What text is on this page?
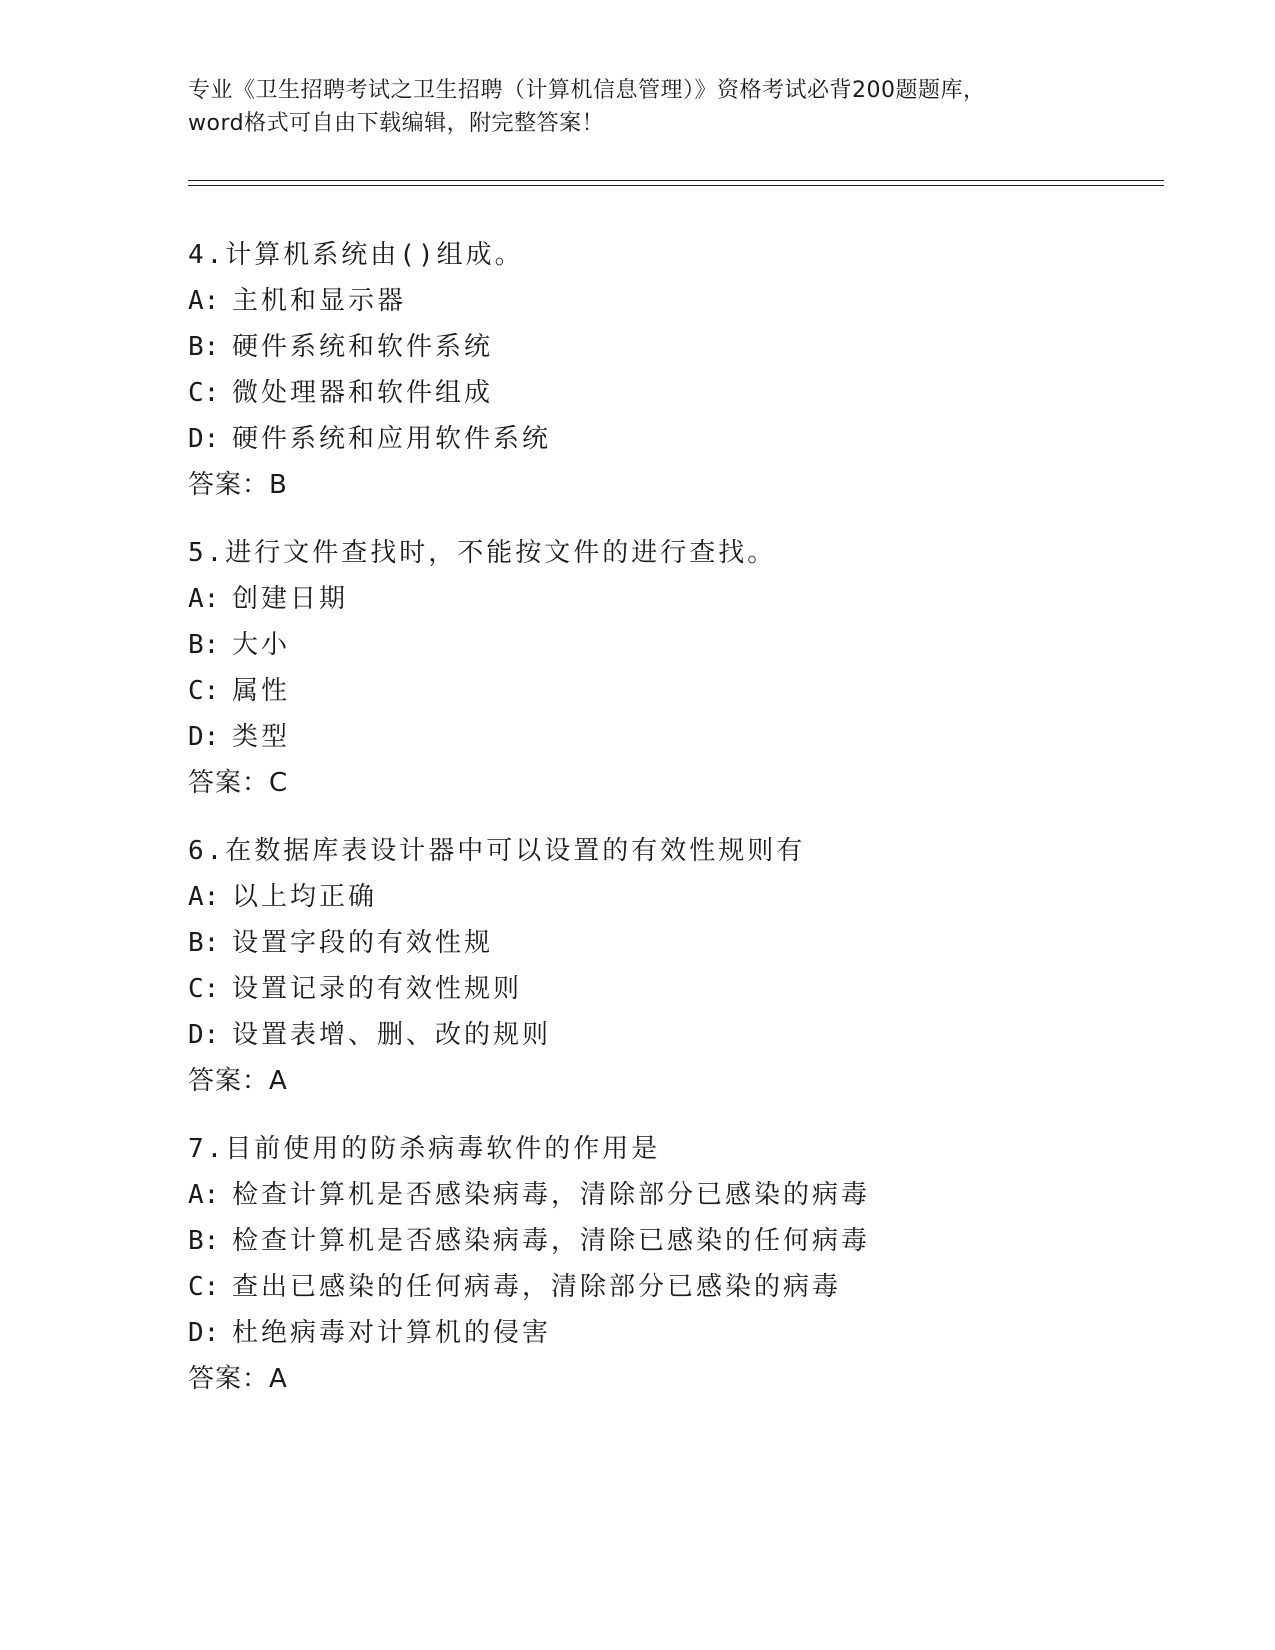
专业《卫生招聘考试之卫生招聘（计算机信息管理）》资格考试必背200题题库，
word格式可自由下载编辑，附完整答案！
4.计算机系统由()组成。
A: 主机和显示器
B: 硬件系统和软件系统
C: 微处理器和软件组成
D: 硬件系统和应用软件系统
答案：B
5.进行文件查找时，不能按文件的进行查找。
A: 创建日期
B: 大小
C: 属性
D: 类型
答案：C
6.在数据库表设计器中可以设置的有效性规则有
A: 以上均正确
B: 设置字段的有效性规
C: 设置记录的有效性规则
D: 设置表增、删、改的规则
答案：A
7.目前使用的防杀病毒软件的作用是
A: 检查计算机是否感染病毒，清除部分已感染的病毒
B: 检查计算机是否感染病毒，清除已感染的任何病毒
C: 查出已感染的任何病毒，清除部分已感染的病毒
D: 杜绝病毒对计算机的侵害
答案：A
